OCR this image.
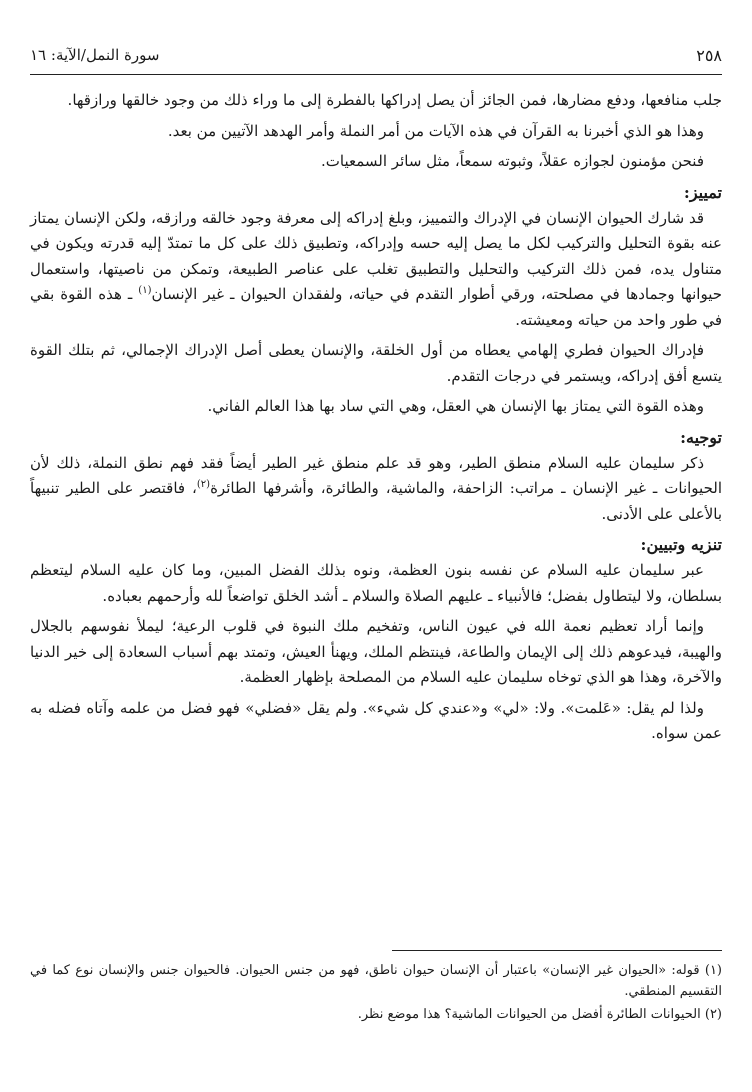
٢٥٨
سورة النمل/الآية: ١٦

جلب منافعها، ودفع مضارها، فمن الجائز أن يصل إدراكها بالفطرة إلى ما وراء ذلك من وجود خالقها ورازقها.

وهذا هو الذي أخبرنا به القرآن في هذه الآيات من أمر النملة وأمر الهدهد الآتيين من بعد.

فنحن مؤمنون لجوازه عقلاً، وثبوته سمعاً، مثل سائر السمعيات.

تمييز:

قد شارك الحيوان الإنسان في الإدراك والتمييز، وبلغ إدراكه إلى معرفة وجود خالقه ورازقه، ولكن الإنسان يمتاز عنه بقوة التحليل والتركيب لكل ما يصل إليه حسه وإدراكه، وتطبيق ذلك على كل ما تمتدّ إليه قدرته ويكون في متناول يده، فمن ذلك التركيب والتحليل والتطبيق تغلب على عناصر الطبيعة، وتمكن من ناصيتها، واستعمال حيوانها وجمادها في مصلحته، ورقي أطوار التقدم في حياته، ولفقدان الحيوان ـ غير الإنسان$^{(١)}$ ـ هذه القوة بقي في طور واحد من حياته ومعيشته.

فإدراك الحيوان فطري إلهامي يعطاه من أول الخلقة، والإنسان يعطى أصل الإدراك الإجمالي، ثم بتلك القوة يتسع أفق إدراكه، ويستمر في درجات التقدم.

وهذه القوة التي يمتاز بها الإنسان هي العقل، وهي التي ساد بها هذا العالم الفاني.

توجيه:

ذكر سليمان عليه السلام منطق الطير، وهو قد علم منطق غير الطير أيضاً فقد فهم نطق النملة، ذلك لأن الحيوانات ـ غير الإنسان ـ مراتب: الزاحفة، والماشية، والطائرة، وأشرفها الطائرة$^{(٢)}$، فاقتصر على الطير تنبيهاً بالأعلى على الأدنى.

تنزيه وتبيين:

عبر سليمان عليه السلام عن نفسه بنون العظمة، ونوه بذلك الفضل المبين، وما كان عليه السلام ليتعظم بسلطان، ولا ليتطاول بفضل؛ فالأنبياء ـ عليهم الصلاة والسلام ـ أشد الخلق تواضعاً لله وأرحمهم بعباده.

وإنما أراد تعظيم نعمة الله في عيون الناس، وتفخيم ملك النبوة في قلوب الرعية؛ ليملأ نفوسهم بالجلال والهيبة، فيدعوهم ذلك إلى الإيمان والطاعة، فينتظم الملك، ويهنأ العيش، وتمتد بهم أسباب السعادة إلى خير الدنيا والآخرة، وهذا هو الذي توخاه سليمان عليه السلام من المصلحة بإظهار العظمة.

ولذا لم يقل: «عَلمت». ولا: «لي» و«عندي كل شيء». ولم يقل «فضلي» فهو فضل من علمه وآتاه فضله به عمن سواه.

(١) قوله: «الحيوان غير الإنسان» باعتبار أن الإنسان حيوان ناطق، فهو من جنس الحيوان. فالحيوان جنس والإنسان نوع كما في التقسيم المنطقي.

(٢) الحيوانات الطائرة أفضل من الحيوانات الماشية؟ هذا موضع نظر.
